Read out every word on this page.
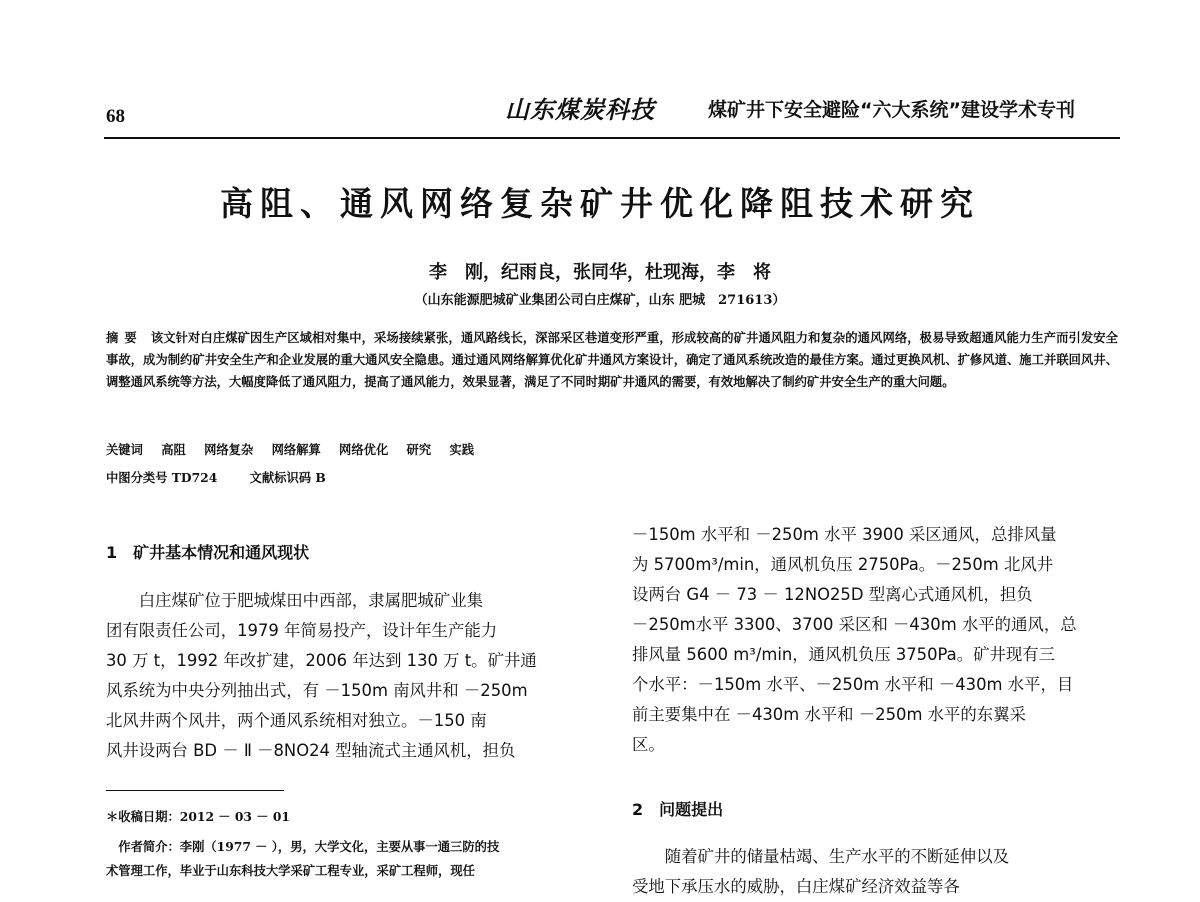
68	山东煤炭科技	煤矿井下安全避险“六大系统”建设学术专刊
高阻、通风网络复杂矿井优化降阻技术研究
李　刚，纪雨良，张同华，杜现海，李　将
（山东能源肥城矿业集团公司白庄煤矿，山东 肥城　271613）
摘要 该文针对白庄煤矿因生产区域相对集中，采场接续紧张，通风路线长，深部采区巷道变形严重，形成较高的矿井通风阻力和复杂的通风网络，极易导致超通风能力生产而引发安全事故，成为制约矿井安全生产和企业发展的重大通风安全隐患。通过通风网络解算优化矿井通风方案设计，确定了通风系统改造的最佳方案。通过更换风机、扩修风道、施工并联回风井、调整通风系统等方法，大幅度降低了通风阻力，提高了通风能力，效果显著，满足了不同时期矿井通风的需要，有效地解决了制约矿井安全生产的重大问题。
关键词 高阻 网络复杂 网络解算 网络优化 研究 实践
中图分类号 TD724	文献标识码 B
1 矿井基本情况和通风现状
　　白庄煤矿位于肥城煤田中西部，隶属肥城矿业集
团有限责任公司，1979 年简易投产，设计年生产能力
30 万 t，1992 年改扩建，2006 年达到 130 万 t。矿井通
风系统为中央分列抽出式，有 －150m 南风井和 －250m
北风井两个风井，两个通风系统相对独立。－150 南
风井设两台 BD － Ⅱ －8NO24 型轴流式主通风机，担负
＊收稿日期：2012 － 03 － 01
　作者简介：李刚（1977 － ），男，大学文化，主要从事一通三防的技
术管理工作，毕业于山东科技大学采矿工程专业，采矿工程师，现任
－150m 水平和 －250m 水平 3900 采区通风，总排风量
为 5700m³/min，通风机负压 2750Pa。－250m 北风井
设两台 G4 － 73 － 12NO25D 型离心式通风机，担负
－250m水平 3300、3700 采区和 －430m 水平的通风，总
排风量 5600 m³/min，通风机负压 3750Pa。矿井现有三
个水平：－150m 水平、－250m 水平和 －430m 水平，目
前主要集中在 －430m 水平和 －250m 水平的东翼采
区。
2 问题提出
　　随着矿井的储量枯竭、生产水平的不断延伸以及
受地下承压水的威胁，白庄煤矿经济效益等各
